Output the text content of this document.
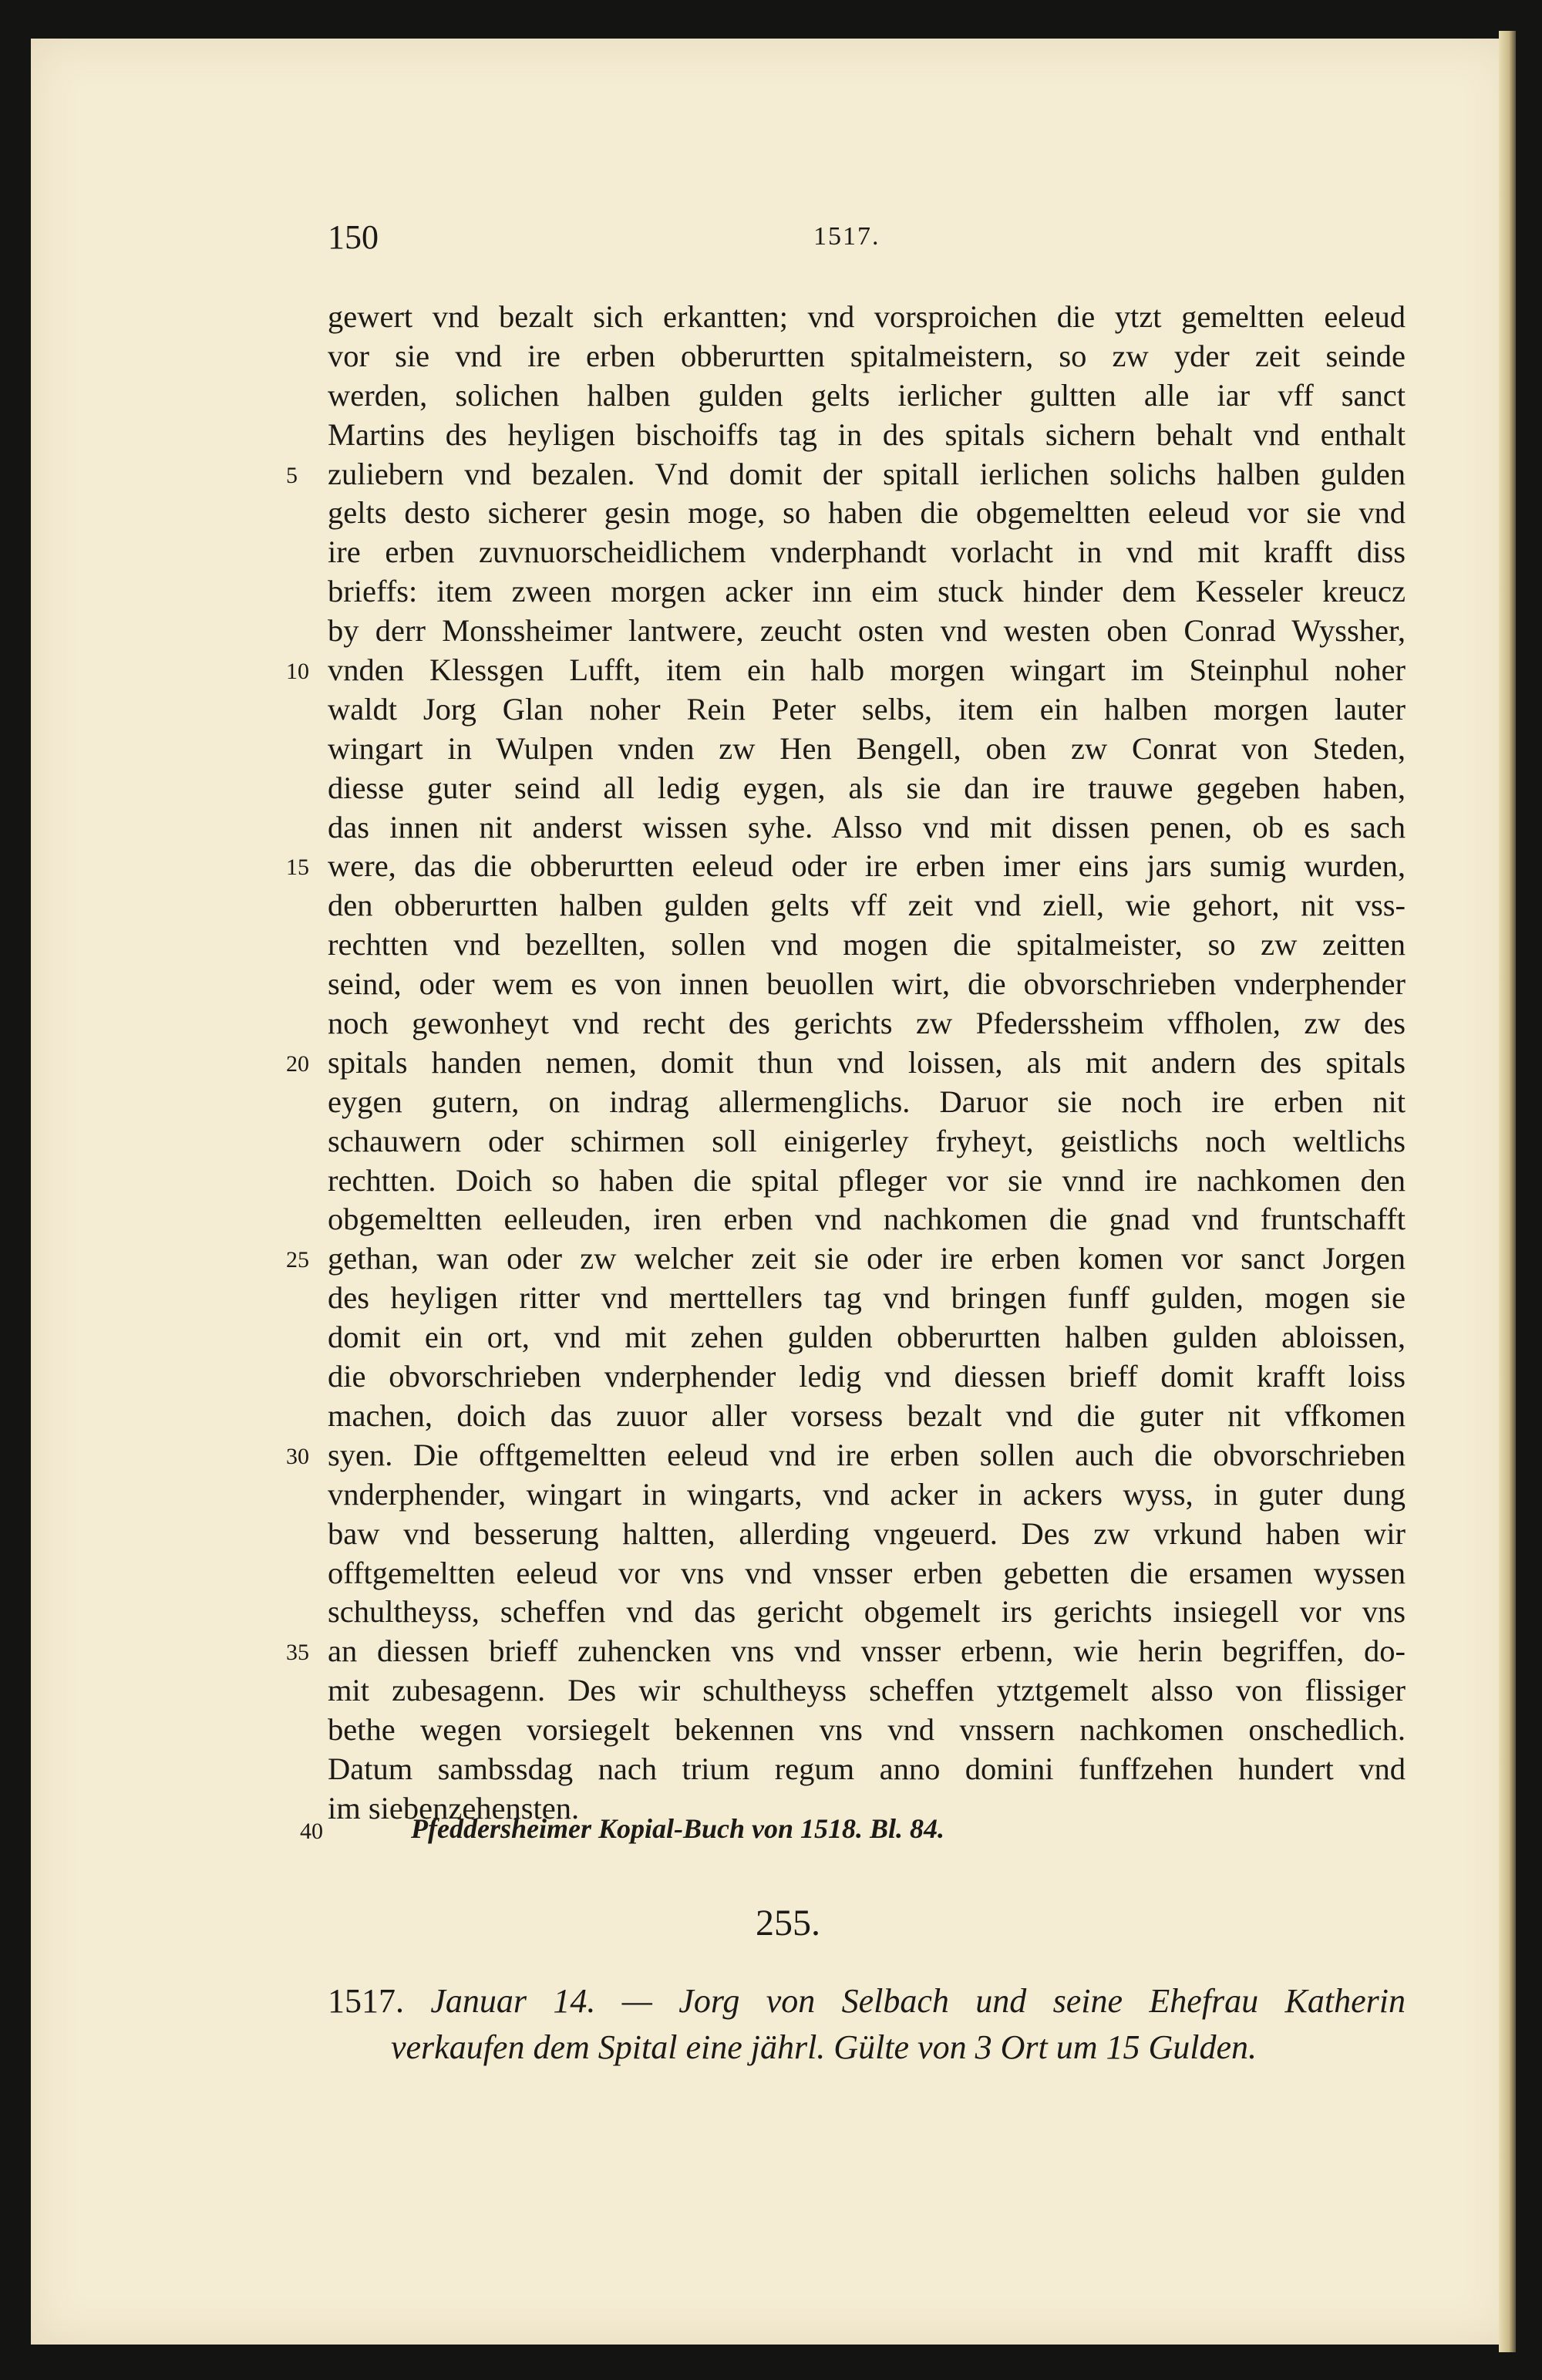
150	1517.
gewert vnd bezalt sich erkantten; vnd vorsproichen die ytzt gemeltten eeleud
vor sie vnd ire erben obberurtten spitalmeistern, so zw yder zeit seinde
werden, solichen halben gulden gelts ierlicher gultten alle iar vff sanct
Martins des heyligen bischoiffs tag in des spitals sichern behalt vnd enthalt
5 zuliebern vnd bezalen. Vnd domit der spitall ierlichen solichs halben gulden
gelts desto sicherer gesin moge, so haben die obgemeltten eeleud vor sie vnd
ire erben zuvnuorscheidlichem vnderphandt vorlacht in vnd mit krafft diss
brieffs: item zween morgen acker inn eim stuck hinder dem Kesseler kreucz
by derr Monssheimer lantwere, zeucht osten vnd westen oben Conrad Wyssher,
10 vnden Klessgen Lufft, item ein halb morgen wingart im Steinphul noher
waldt Jorg Glan noher Rein Peter selbs, item ein halben morgen lauter
wingart in Wulpen vnden zw Hen Bengell, oben zw Conrat von Steden,
diesse guter seind all ledig eygen, als sie dan ire trauwe gegeben haben,
das innen nit anderst wissen syhe. Alsso vnd mit dissen penen, ob es sach
15 were, das die obberurtten eeleud oder ire erben imer eins jars sumig wurden,
den obberurtten halben gulden gelts vff zeit vnd ziell, wie gehort, nit vss-
rechtten vnd bezellten, sollen vnd mogen die spitalmeister, so zw zeitten
seind, oder wem es von innen beuollen wirt, die obvorschrieben vnderphender
noch gewonheyt vnd recht des gerichts zw Pfederssheim vffholen, zw des
20 spitals handen nemen, domit thun vnd loissen, als mit andern des spitals
eygen gutern, on indrag allermenglichs. Daruor sie noch ire erben nit
schauwern oder schirmen soll einigerley fryheyt, geistlichs noch weltlichs
rechtten. Doich so haben die spital pfleger vor sie vnnd ire nachkomen den
obgemeltten eelleuden, iren erben vnd nachkomen die gnad vnd fruntschafft
25 gethan, wan oder zw welcher zeit sie oder ire erben komen vor sanct Jorgen
des heyligen ritter vnd merttellers tag vnd bringen funff gulden, mogen sie
domit ein ort, vnd mit zehen gulden obberurtten halben gulden abloissen,
die obvorschrieben vnderphender ledig vnd diessen brieff domit krafft loiss
machen, doich das zuuor aller vorsess bezalt vnd die guter nit vffkomen
30 syen. Die offtgemeltten eeleud vnd ire erben sollen auch die obvorschrieben
vnderphender, wingart in wingarts, vnd acker in ackers wyss, in guter dung
baw vnd besserung haltten, allerding vngeuerd. Des zw vrkund haben wir
offtgemeltten eeleud vor vns vnd vnsser erben gebetten die ersamen wyssen
schultheyss, scheffen vnd das gericht obgemelt irs gerichts insiegell vor vns
35 an diessen brieff zuhencken vns vnd vnsser erbenn, wie herin begriffen, do-
mit zubesagenn. Des wir schultheyss scheffen ytztgemelt alsso von flissiger
bethe wegen vorsiegelt bekennen vns vnd vnssern nachkomen onschedlich.
Datum sambssdag nach trium regum anno domini funffzehen hundert vnd
im siebenzehensten.
40	Pfeddersheimer Kopial-Buch von 1518. Bl. 84.
255.
1517. Januar 14. — Jorg von Selbach und seine Ehefrau Katherin
verkaufen dem Spital eine jährl. Gülte von 3 Ort um 15 Gulden.
